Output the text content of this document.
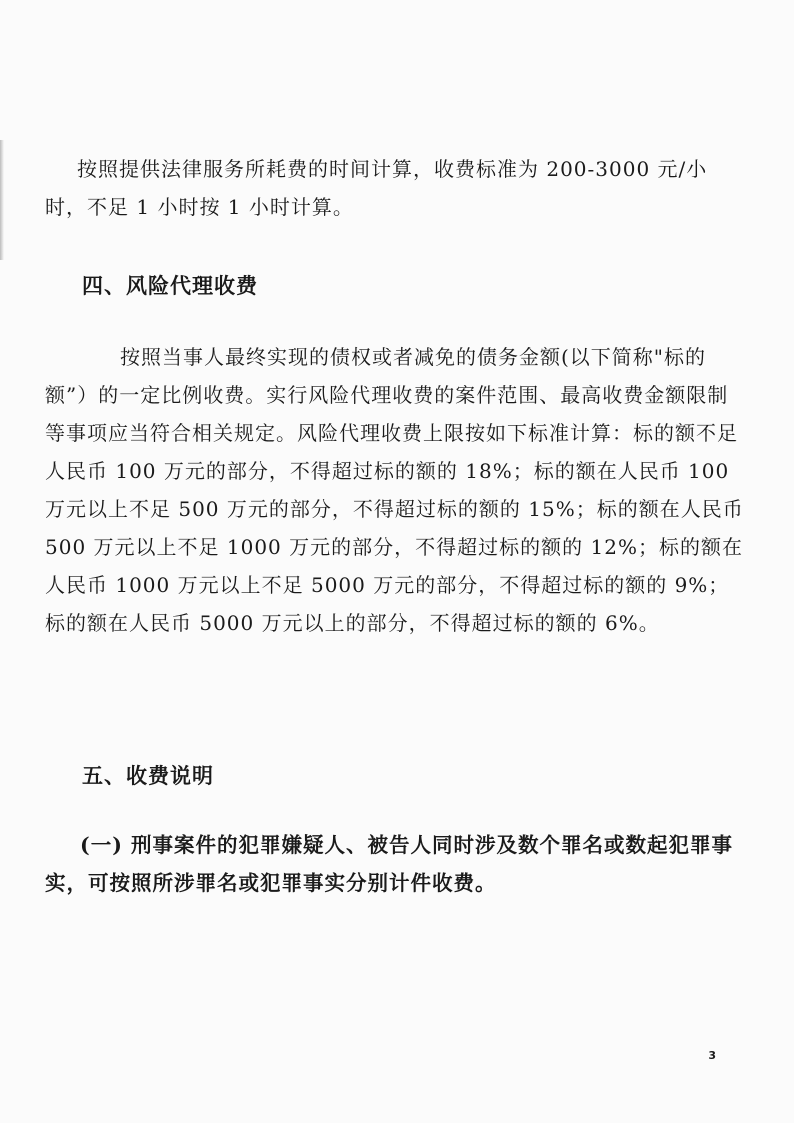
按照提供法律服务所耗费的时间计算，收费标准为 200-3000 元/小时，不足 1 小时按 1 小时计算。

四、风险代理收费

按照当事人最终实现的债权或者减免的债务金额(以下简称"标的额”）的一定比例收费。实行风险代理收费的案件范围、最高收费金额限制等事项应当符合相关规定。风险代理收费上限按如下标准计算：标的额不足人民币 100 万元的部分，不得超过标的额的 18%；标的额在人民币 100 万元以上不足 500 万元的部分，不得超过标的额的 15%；标的额在人民币 500 万元以上不足 1000 万元的部分，不得超过标的额的 12%；标的额在人民币 1000 万元以上不足 5000 万元的部分，不得超过标的额的 9%；标的额在人民币 5000 万元以上的部分，不得超过标的额的 6%。

五、收费说明

(一) 刑事案件的犯罪嫌疑人、被告人同时涉及数个罪名或数起犯罪事实，可按照所涉罪名或犯罪事实分别计件收费。

3
